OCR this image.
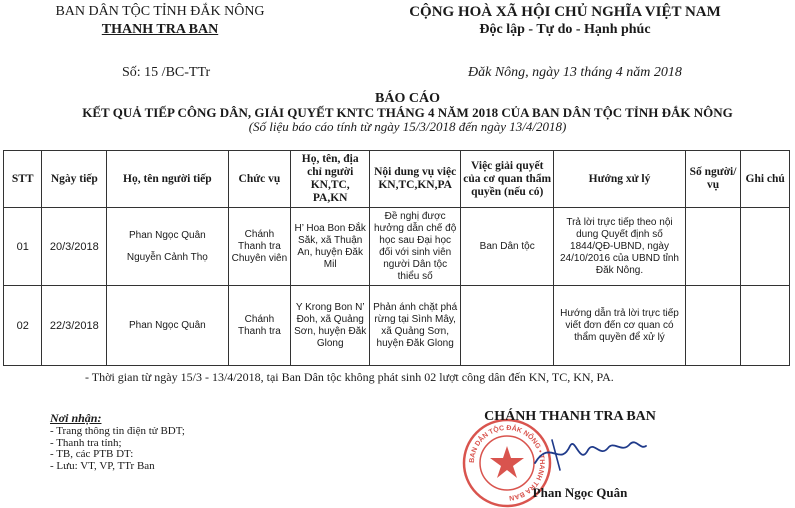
BAN DÂN TỘC TỈNH ĐẮK NÔNG
THANH TRA BAN
CỘNG HOÀ XÃ HỘI CHỦ NGHĨA VIỆT NAM
Độc lập - Tự do - Hạnh phúc
Số: 15 /BC-TTr	Đăk Nông, ngày 13 tháng 4 năm 2018
BÁO CÁO
KẾT QUẢ TIẾP CÔNG DÂN, GIẢI QUYẾT KNTC THÁNG 4 NĂM 2018 CỦA BAN DÂN TỘC TỈNH ĐẮK NÔNG
(Số liệu báo cáo tính từ ngày 15/3/2018 đến ngày 13/4/2018)
STT	Ngày tiếp	Họ, tên người tiếp	Chức vụ	Họ, tên, địa chỉ người KN,TC, PA,KN	Nội dung vụ việc KN,TC,KN,PA	Việc giải quyết của cơ quan thẩm quyền (nếu có)	Hướng xử lý	Số người/ vụ	Ghi chú
01	20/3/2018	Phan Ngọc Quân
Nguyễn Cảnh Thọ	Chánh Thanh tra Chuyên viên	H’ Hoa Bon Đắk Săk, xã Thuận An, huyện Đăk Mil	Đề nghị được hưởng dẫn chế độ học sau Đại học đối với sinh viên người Dân tộc thiểu số	Ban Dân tộc	Trả lời trực tiếp theo nội dung Quyết định số 1844/QĐ-UBND, ngày 24/10/2016 của UBND tỉnh Đăk Nông.		
02	22/3/2018	Phan Ngọc Quân	Chánh Thanh tra	Y Krong Bon N’ Đoh, xã Quảng Sơn, huyện Đăk Glong	Phản ánh chặt phá rừng tại Sình Mây, xã Quảng Sơn, huyện Đăk Glong		Hướng dẫn trả lời trực tiếp viết đơn đến cơ quan có thẩm quyền để xử lý		
- Thời gian từ ngày 15/3 - 13/4/2018, tại Ban Dân tộc không phát sinh 02 lượt công dân đến KN, TC, KN, PA.
Nơi nhận:
- Trang thông tin điện tử BDT;
- Thanh tra tỉnh;
- TB, các PTB DT:
- Lưu: VT, VP, TTr Ban	BAN DÂN TỘC ĐẮK NÔNG • THANH TRA BAN
CHÁNH THANH TRA BAN
Phan Ngọc Quân
